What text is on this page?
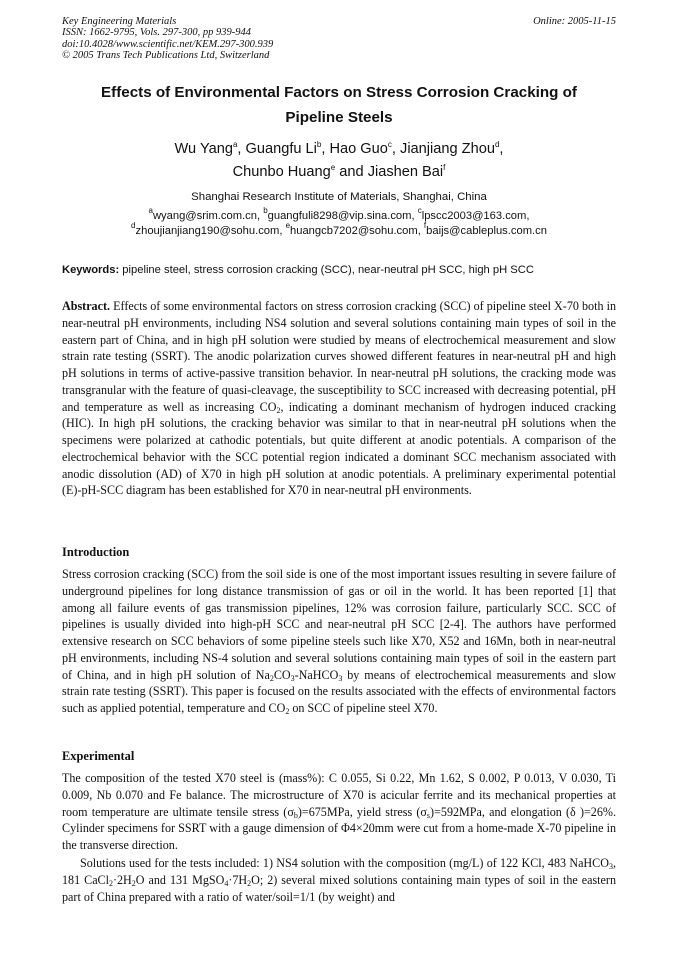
Key Engineering Materials
ISSN: 1662-9795, Vols. 297-300, pp 939-944
doi:10.4028/www.scientific.net/KEM.297-300.939
© 2005 Trans Tech Publications Ltd, Switzerland
Online: 2005-11-15
Effects of Environmental Factors on Stress Corrosion Cracking of
Pipeline Steels
Wu Yang$^a$, Guangfu Li$^b$, Hao Guo$^c$, Jianjiang Zhou$^d$,
Chunbo Huang$^e$ and Jiashen Bai$^f$
Shanghai Research Institute of Materials, Shanghai, China
$^a$wyang@srim.com.cn, $^b$guangfuli8298@vip.sina.com, $^c$lpscc2003@163.com,
$^d$zhoujianjiang190@sohu.com, $^e$huangcb7202@sohu.com, $^f$baijs@cableplus.com.cn
Keywords: pipeline steel, stress corrosion cracking (SCC), near-neutral pH SCC, high pH SCC
Abstract. Effects of some environmental factors on stress corrosion cracking (SCC) of pipeline steel X-70 both in near-neutral pH environments, including NS4 solution and several solutions containing main types of soil in the eastern part of China, and in high pH solution were studied by means of electrochemical measurement and slow strain rate testing (SSRT). The anodic polarization curves showed different features in near-neutral pH and high pH solutions in terms of active-passive transition behavior. In near-neutral pH solutions, the cracking mode was transgranular with the feature of quasi-cleavage, the susceptibility to SCC increased with decreasing potential, pH and temperature as well as increasing $CO_2$, indicating a dominant mechanism of hydrogen induced cracking (HIC). In high pH solutions, the cracking behavior was similar to that in near-neutral pH solutions when the specimens were polarized at cathodic potentials, but quite different at anodic potentials. A comparison of the electrochemical behavior with the SCC potential region indicated a dominant SCC mechanism associated with anodic dissolution (AD) of X70 in high pH solution at anodic potentials. A preliminary experimental potential (E)-pH-SCC diagram has been established for X70 in near-neutral pH environments.
Introduction
Stress corrosion cracking (SCC) from the soil side is one of the most important issues resulting in severe failure of underground pipelines for long distance transmission of gas or oil in the world. It has been reported [1] that among all failure events of gas transmission pipelines, 12% was corrosion failure, particularly SCC. SCC of pipelines is usually divided into high-pH SCC and near-neutral pH SCC [2-4]. The authors have performed extensive research on SCC behaviors of some pipeline steels such like X70, X52 and 16Mn, both in near-neutral pH environments, including NS-4 solution and several solutions containing main types of soil in the eastern part of China, and in high pH solution of $Na_2CO_3-NaHCO_3$ by means of electrochemical measurements and slow strain rate testing (SSRT). This paper is focused on the results associated with the effects of environmental factors such as applied potential, temperature and $CO_2$ on SCC of pipeline steel X70.
Experimental
The composition of the tested X70 steel is (mass%): C 0.055, Si 0.22, Mn 1.62, S 0.002, P 0.013, V 0.030, Ti 0.009, Nb 0.070 and Fe balance. The microstructure of X70 is acicular ferrite and its mechanical properties at room temperature are ultimate tensile stress $(\sigma_b)=675MPa$, yield stress $(\sigma_s)=592MPa$, and elongation (δ )=26%. Cylinder specimens for SSRT with a gauge dimension of Φ4×20mm were cut from a home-made X-70 pipeline in the transverse direction.
Solutions used for the tests included: 1) NS4 solution with the composition (mg/L) of 122 KCl, 483 NaHCO$_3$, 181 $CaCl_2\cdot 2H_2O$ and 131 $MgSO_4\cdot 7H_2O$; 2) several mixed solutions containing main types of soil in the eastern part of China prepared with a ratio of water/soil=1/1 (by weight) and
